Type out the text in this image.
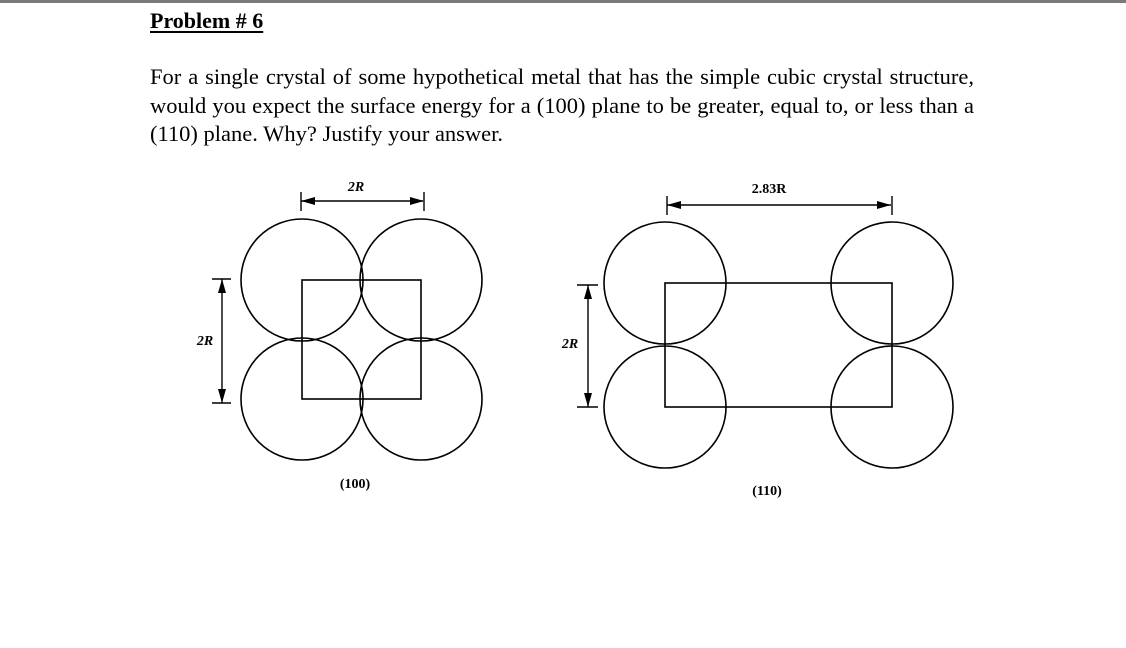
Problem # 6
For a single crystal of some hypothetical metal that has the simple cubic crystal structure, would you expect the surface energy for a (100) plane to be greater, equal to, or less than a (110) plane. Why? Justify your answer.
2R
2R
(100)
2.83R
2R
(110)
